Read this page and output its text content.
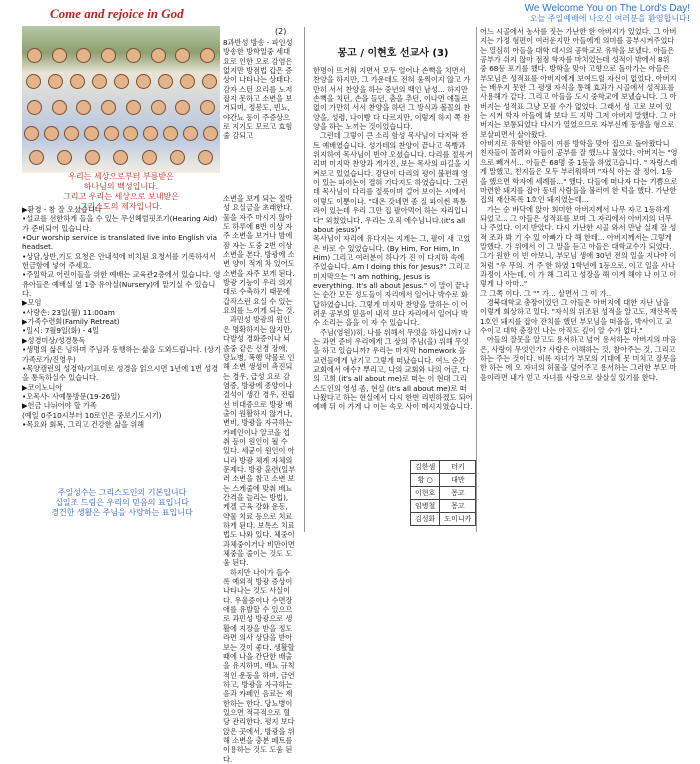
Come and rejoice in God	We Welcome You on The Lord's Day!
오늘 주일예배에 나오신 여러분을 환영합니다!
우리는 세상으로부터 부름받은
하나님의 백성입니다.
그리고 우리는 세상으로 보내받은
그리스도의 제자입니다.
(2)
8과반성 방송 - 파인성 방송한 방학일중 세대요로 인한 오로 감염은 없지만 방점법 갑은 증상이 나타나는 상태다. 감자 스턴 요리를 노저 잡지 못하고 소변을 보거되며, 정봉도, 빈뇨, 야간뇨 등이 주증상으로 지기도 모르고 효힘줄 감되고
▶환경 - 참 잘 오셨습니다
•설교를 선한하게 들을 수 있는 무선헤럴핏조기(Hearing Aid)가 준비되어 있습니다.
•Our worship service is translated live into English via headset.
•상담,상반,기도 요청은 안내석에 비치된 요청서를 기록하셔서 헌금함에 넣어 주세요.
•주일학교 어린이들을 위한 예배는 교육관2층에서 있습니다. 영유아들은 예배실 옆 1층 유아실(Nursery)에 맡기실 수 있습니다.
▶모임
•사랑손: 23일(월) 11:00am
▶가족수련회(Family Retreat)
•일시: 7월9일(화) - 4일
▶성경미상/성경통독
•생명의 삶은 닝하며 주님과 동행하는 삶을 도와드립니다. (상기가족로가/진영우)
•목양캠런의 성경학/기표미로 성경을 읽으시면 1년에 1번 성경을 통독하실수 있습니다.
▶코이노니아
•오목사- 사예통방문(19-26일)
▶헌금 나눠어야 할 가족
(예일 0주10시부터 10로인은 중보기도시기)
•목요와 회복, 그리고 건강한 삶을 위해
주일성수는 그리스도인의 기본입니다
십일조 드림은 우리의 믿음의 표입니다
경건한 생활은 주님을 사랑하는 표입니다
소변을 보게 되는 절박성 요실금을 초래한다. 물을 자주 마시지 않아도 하루에 8번 이상 자주 소변을 보거나 밤에 잠 자는 도중 2번 이상 소변을 본다. 방광에 소변 양이 적게 차 있어도 소변을 자주 보게 된다. 방광 기능이 우리 의지대로 수축하기 때문에 갑작스런 요실 수 있는 요의를 느끼게 되는 것.
과민성 방광의 원인은 명확하지는 않지만, 다발성 경화증이나 뇌졸중 같은 신경 장애, 당뇨병, 폭행 약물로 인해 소변 생성이 촉진되는 경우, 급성 요로 감염증, 방광에 종양이나 결석이 생긴 경우, 전립선 비대증으로 방광 배출이 원활하지 않거나, 변비, 방광을 자극하는 카페인이나 알코올 섭취 등이 원인이 될 수 있다. 세균이 원인이 아니라 방광 체계 자체의 문제다. 방광 훈련(일부러 소변을 참고 소변 보는 스케줄에 맞춰 배뇨 간격을 늘리는 방법), 케겔 근육 강화 운동, 약물 치료 등으로 치료하게 된다. 보톡스 치료법도 나와 있다. 체중이 과체중이거나 비만이면 체중을 줄이는 것도 도움 된다.
하지만 나이가 들수록 예외적 방광 증상이 나타나는 것도 사실이다. 우울증이나 수면장애를 유발할 수 있으므로 과민성 방광으로 생활에 지장을 받을 정도라면 의사 상담을 받아보는 것이 좋다. 생활할 때에 나을 간단한 배출을 유지하며, 배뇨 규칙적인 운동을 하며, 금연하고, 방광을 자극하는 음과 카페인 음료는 제한하는 한다. 당뇨병이 있으면 적극적으로 혈당 관리한다. 평지 보다 앉은 곳에서, 방광을 위해 소변을 충분 페트를 이용하는 것도 도움 된다.
몽고 / 이현호 선교사 (3)
한명이 뜨거워 지면서 모두 얼어나 손뼉을 치면서 찬양을 하지만, 그 가운데도 전혀 움찍이지 않고 가만히 서서 찬양을 하는 중년의 백인 남성... 하지만 손뼉을 치던, 손을 들던, 춤을 추던, 이나면 얘둘르 없이 가만히 서서 찬양을 하던 그 방식과 볼꼴의 찬양을, 성령, 나이빵 다 다르지만, 이렇게 하지 쪽 찬양을 하는 노끼는 것이었습니다.
그런데 그렇이 큰 소리 함성 목사님이 다저락 찬트 예배였습니다. 성가테의 찬양이 끝나고 목빵과 위지하여 목사님이 빈야 오셨습니다. 다리를 절룩거리며 미지막 찬양과 게가진, 보는 목사의 파길을 지켜보고 있었습니다. 강단이 다리의 평이 불편해 영이 있는 파이논이 결혀 기다지도 하였습니다. 그런데 목사님이 다리를 절룩이며 걸어 보이는 시에서 이렇도 이뿐이나. "대온 갓네면 좀 질 파이썬 똑통라이 있는데 우리 그만 집 팔아먹어 하는 자리입니다" 외쳤었니다. 우리는 오직 에수님니다.(it's all about jesus)"
목사님이 자리에 유다지는 지게는 그, 팔이 새 고었은 바로 수 있었습니다. (By Him, For Him, In Him) 그리고 여러분이 하나가 진 이 다지하 속에 주었습니다. Am I doing this for Jesus?" 그리고 미지막으는 "I am nothing, Jesus is everything. It's all about Jesus." 이 말이 끝나는 순간 모든 성도들이 자리에서 일어나 박수로 화답하였습니다. 그렇게 미지막 찬양을 말하는 이 어려운 공부의 믿음이 내셔 보다 자리에서 일어나 박수 소리는 을을 이 자 수 있습니다.
주님(영원))히, 나를 위해서 무엇을 하십니까? 나는 과연 준비 우리에게 그 상의 주님(을) 위해 무엇을 하고 있습니까? 우리는 마지막 homework 을 교련들에게 남기고 그렇게 떠났습니다. 여느 순간 교회에서 애수? 뿌리고, 나의 교회와 나의 어금, 다의 고희 (it's all about me)로 떠는 이 현대 그리스도인의 영성 좀, 현실 (it's all about me)로 떠나왔다고 하는 현실에서 다시 한번 리빈하겠도 되어 예배 뒤 이 가게 나 이는 속오 사이 메시지였습니다.
김한샘	터키
황 ○	대만
이현호	몽고
임병철	몽고
김성화	도미니카
어느 시골에서 농사를 짓는 가난한 한 아버지가 있었다. 그 아버지는 가정 형편이 여러운지만 아들에게 의미를 공부시켜주었다는 열심히 아들을 대학 대시의 공학교로 유학을 보냈다. 아들은 공부가 쉬지 않아 점점 학자를 마치었는데 성적이 밖에서 8위 중 68등 포기를 했다. 방학을 맞아 고향으로 돌아가는 아들은 부모님은 성적표를 아버지에게 보여드릴 자신이 없었다. 아버지는 배우지 못한 그 평생 자식을 통해 효과가 시골에서 성적표를 사용해가 같다. 그리고 아들을 도시 중학교에 보냈습니다. 그 아버지는 성적표 그냥 모를 수가 없었다. 그래서 성 고로 보여 있는 시켜 학자 아들에 봐 보다 드 지막 그저 아버지 말했다. 그 아버지는 보통되었다 다시가 열었으므로 자부신께 동생을 형으로 보살피면서 살아왔다.
아버지로 유학한 아들이 여름 방학을 맞아 집으로 돌아왔다니 친자들이 몰려와 아들이 공부를 잘 했느냐 물었다. 아버지는 "영으로 빼겨서... 아들은 68명 중 1등을 하였고습니다. " 자랑스레게 말했고, 친지들은 모두 부러워하며 "자식 아는 잘 정어. 1등을 했으면 학자에 세례를..." 했다. 다들에 떠나자 다는 기쁨으로 마련한 돼지를 잡아 동네 사람들을 불러여 한 턱을 했다. 가난한 집의 재산목록 1호인 돼지였는데...
가는 순 바닥에 앉아 희미한 아버지께서 나무 자고 1등하게 되었고... 그 아들은 성적표를 보며 그 자리에서 아버지의 너무나 주었다. 이지 받았다. 다시 가난한 시골 와서 만남 실제 잘 성적 조과 봐 기 수 있 아빠가 다 해 한테... 아버지께서는 그렇게 말했다. 가 위에서 이 그 말을 듣고 아들은 대학교수가 되었다. 그가 원한 이 빈 아보니, 부모님 생애 30년 전의 일을 지나야 이처럼 "우 무의. 거 주 한 하였 1학년에 1등으로. 이고 일을 사나 과정이 사는데, 이 가 해 그리고 성장을 해 이게 해야 나 이고 이렇게 나 아마.."
그 그쪽 이다. 그 "" 가... 살면서 그 이 가..
경북대학교 총장이었던 그 아들은 아버지에 대한 지난 날을 이렇게 회상하고 있다. "자식의 위조된 성적을 알고도, 재산목록 1호인 돼지를 잡아 잔치를 했던 부모님을 떠올을, 박사이고 교수이고 대학 총장인 나는 아직도 깊이 알 수가 없다."
아들의 잘못을 알고도 용서하고 넘어 용서하는 아버지의 마음은, 사랑이 무엇인가? 사랑은 이해하는 것, 참아주는 것, 그리고 하는 주는 것이다. 비록 자녀가 부모의 기대에 못 미치고 잘못을 한 하는 에 오 자녀의 허물을 덮어주고 용서하는 그러한 부모 마음이라면 내가 얻고 자녀를 사랑으로 살살실 있기를 한다.
